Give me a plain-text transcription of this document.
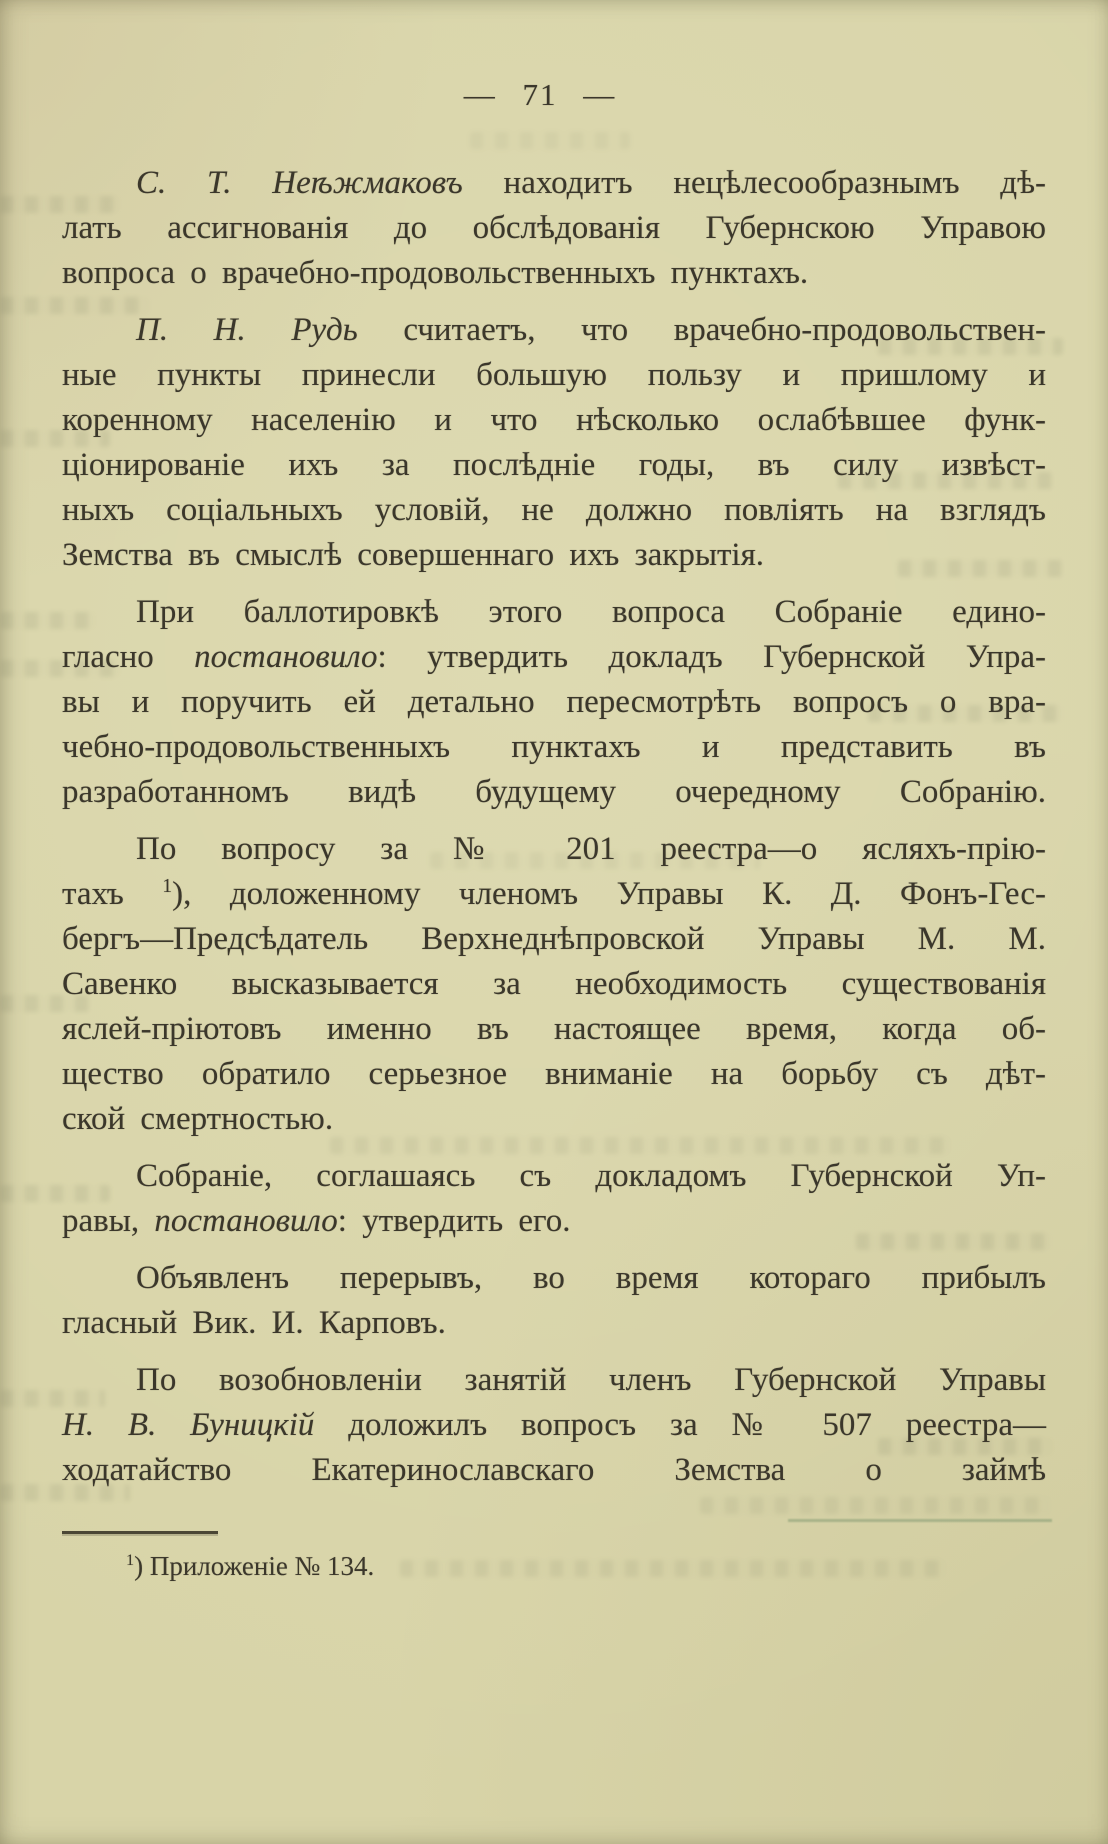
— 71 —
С. Т. Неѣжмаковъ находитъ нецѣлесообразнымъ дѣ-
лать ассигнованія до обслѣдованія Губернскою Управою
вопроса о врачебно-продовольственныхъ пунктахъ.
П. Н. Рудь считаетъ, что врачебно-продовольствен-
ные пункты принесли большую пользу и пришлому и
коренному населенію и что нѣсколько ослабѣвшее функ-
ціонированіе ихъ за послѣдніе годы, въ силу извѣст-
ныхъ соціальныхъ условій, не должно повліять на взглядъ
Земства въ смыслѣ совершеннаго ихъ закрытія.
При баллотировкѣ этого вопроса Собраніе едино-
гласно постановило: утвердить докладъ Губернской Упра-
вы и поручить ей детально пересмотрѣть вопросъ о вра-
чебно-продовольственныхъ пунктахъ и представить въ
разработанномъ видѣ будущему очередному Собранію.
По вопросу за № 201 реестра—о ясляхъ-прію-
тахъ $^1$), доложенному членомъ Управы К. Д. Фонъ-Гес-
бергъ—Предсѣдатель Верхнеднѣпровской Управы М. М.
Савенко высказывается за необходимость существованія
яслей-пріютовъ именно въ настоящее время, когда об-
щество обратило серьезное вниманіе на борьбу съ дѣт-
ской смертностью.
Собраніе, соглашаясь съ докладомъ Губернской Уп-
равы, постановило: утвердить его.
Объявленъ перерывъ, во время котораго прибылъ
гласный Вик. И. Карповъ.
По возобновленіи занятій членъ Губернской Управы
Н. В. Буницкій доложилъ вопросъ за № 507 реестра—
ходатайство Екатеринославскаго Земства о займѣ
$^1$) Приложеніе № 134.
